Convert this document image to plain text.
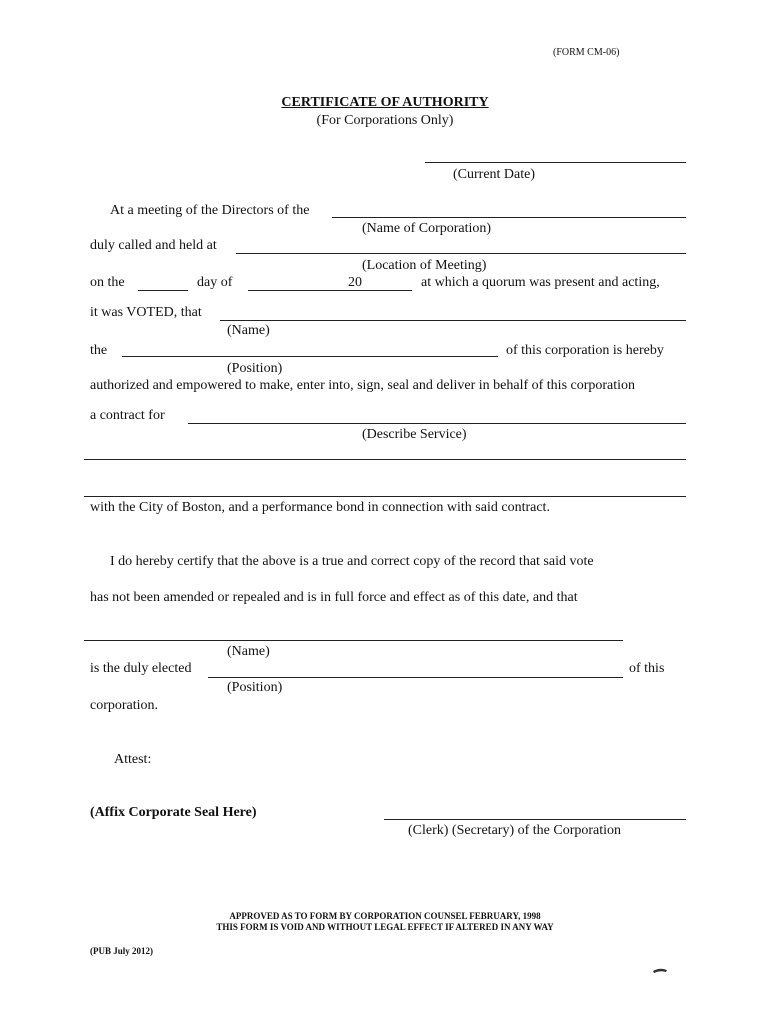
(FORM CM-06)
CERTIFICATE OF AUTHORITY
(For Corporations Only)
(Current Date)
At a meeting of the Directors of the
(Name of Corporation)
duly called and held at
(Location of Meeting)
on the	day of	20	at which a quorum was present and acting,
it was VOTED, that
(Name)
the	of this corporation is hereby
(Position)
authorized and empowered to make, enter into, sign, seal and deliver in behalf of this corporation
a contract for
(Describe Service)
with the City of Boston, and a performance bond in connection with said contract.
I do hereby certify that the above is a true and correct copy of the record that said vote
has not been amended or repealed and is in full force and effect as of this date, and that
(Name)
is the duly elected	of this
(Position)
corporation.
Attest:
(Affix Corporate Seal Here)
(Clerk) (Secretary) of the Corporation
APPROVED AS TO FORM BY CORPORATION COUNSEL FEBRUARY, 1998
THIS FORM IS VOID AND WITHOUT LEGAL EFFECT IF ALTERED IN ANY WAY
(PUB July 2012)
